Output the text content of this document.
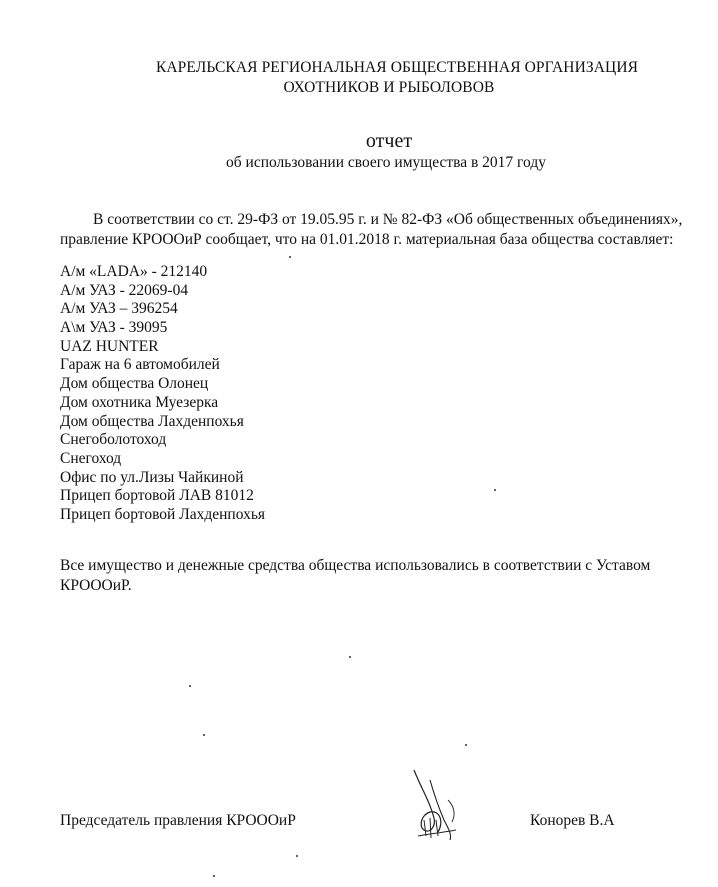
КАРЕЛЬСКАЯ РЕГИОНАЛЬНАЯ ОБЩЕСТВЕННАЯ ОРГАНИЗАЦИЯ
ОХОТНИКОВ И РЫБОЛОВОВ
отчет
об использовании своего имущества в 2017 году
В соответствии со ст. 29-ФЗ от 19.05.95 г. и № 82-ФЗ «Об общественных объединениях»,
правление КРОООиР сообщает, что на 01.01.2018 г. материальная база общества составляет:
А/м «LADA» - 212140
А/м УАЗ - 22069-04
А/м УАЗ – 396254
А\м УАЗ - 39095
UAZ HUNTER
Гараж на 6 автомобилей
Дом общества Олонец
Дом охотника Муезерка
Дом общества Лахденпохья
Снегоболотоход
Снегоход
Офис по ул.Лизы Чайкиной
Прицеп бортовой ЛАВ 81012
Прицеп бортовой Лахденпохья
Все имущество и денежные средства общества использовались в соответствии с Уставом
КРОООиР.
Председатель правления КРОООиР	Конорев В.А
